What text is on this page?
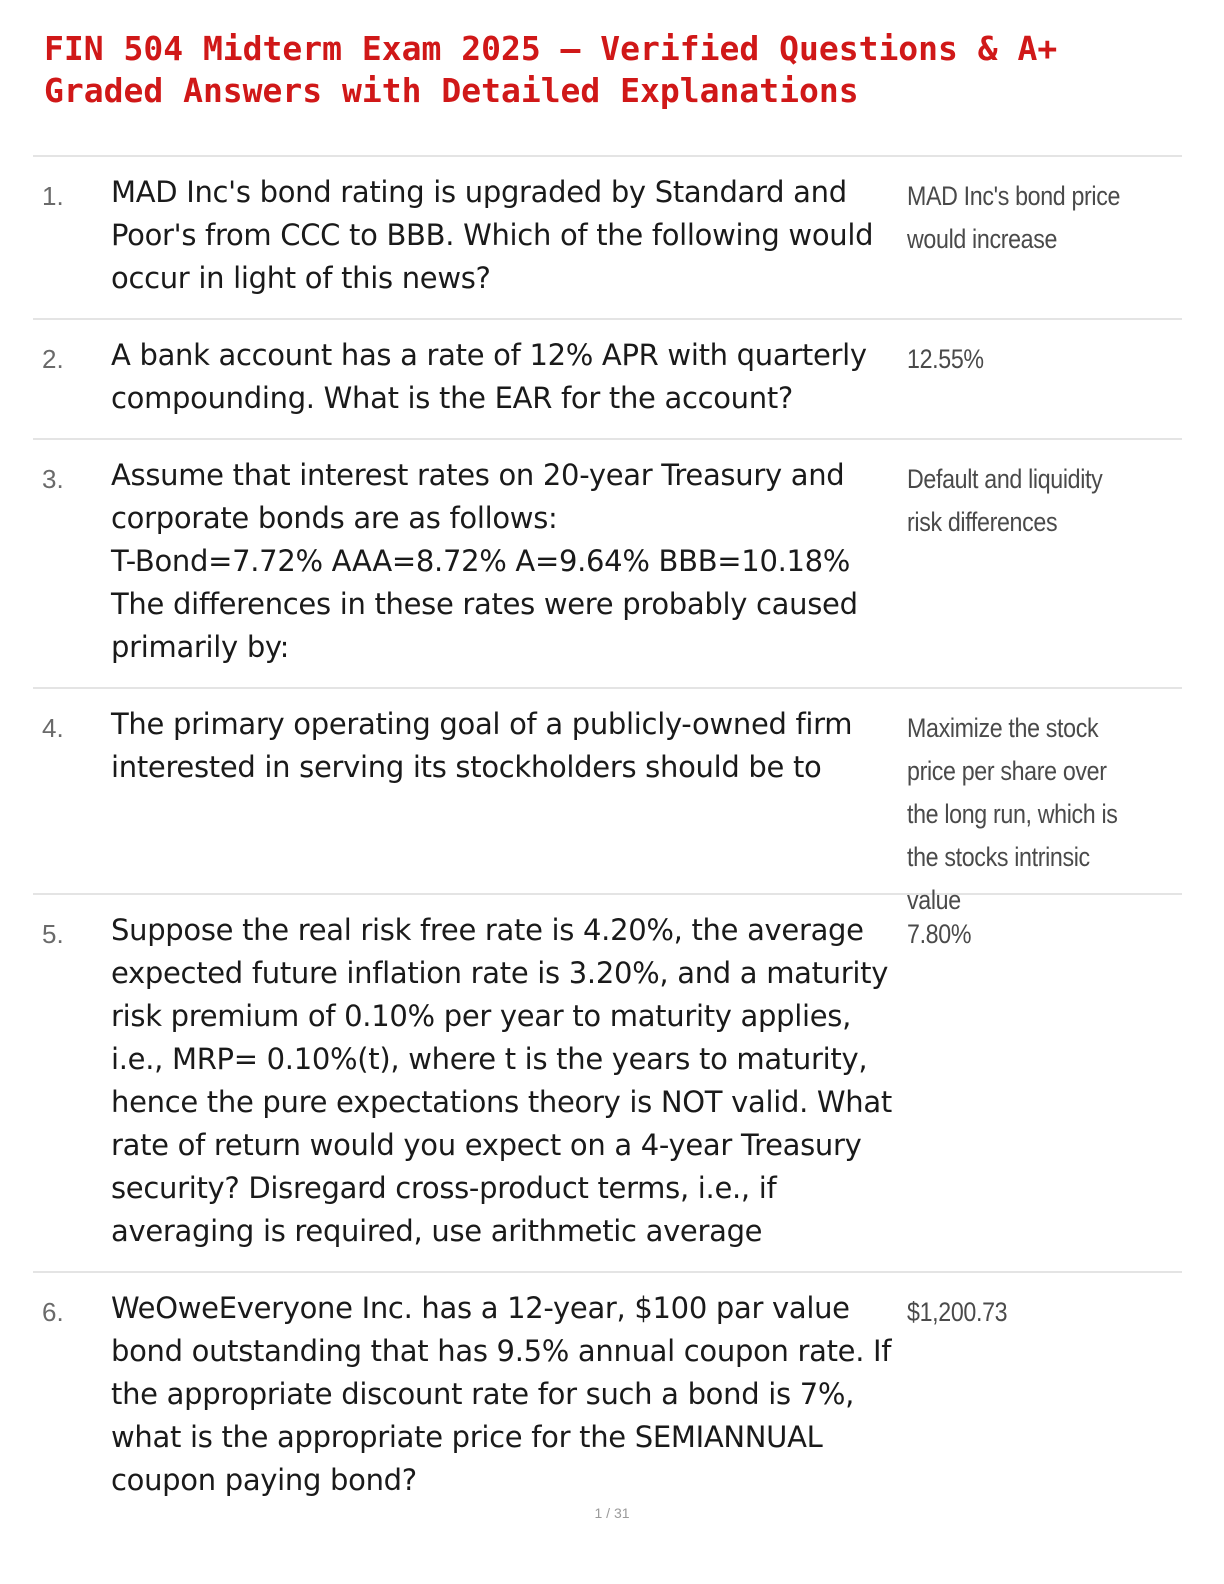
FIN 504 Midterm Exam 2025 – Verified Questions & A+
Graded Answers with Detailed Explanations
1. MAD Inc's bond rating is upgraded by Standard and Poor's from CCC to BBB. Which of the following would occur in light of this news?
MAD Inc's bond price would increase
2. A bank account has a rate of 12% APR with quarterly compounding. What is the EAR for the account?
12.55%
3. Assume that interest rates on 20-year Treasury and corporate bonds are as follows:
T-Bond=7.72% AAA=8.72% A=9.64% BBB=10.18%
The differences in these rates were probably caused primarily by:
Default and liquidity risk differences
4. The primary operating goal of a publicly-owned firm interested in serving its stockholders should be to
Maximize the stock price per share over the long run, which is the stocks intrinsic value
5. Suppose the real risk free rate is 4.20%, the average expected future inflation rate is 3.20%, and a maturity risk premium of 0.10% per year to maturity applies, i.e., MRP= 0.10%(t), where t is the years to maturity, hence the pure expectations theory is NOT valid. What rate of return would you expect on a 4-year Treasury security? Disregard cross-product terms, i.e., if averaging is required, use arithmetic average
7.80%
6. WeOweEveryone Inc. has a 12-year, $100 par value bond outstanding that has 9.5% annual coupon rate. If the appropriate discount rate for such a bond is 7%, what is the appropriate price for the SEMIANNUAL coupon paying bond?
$1,200.73
1 / 31
